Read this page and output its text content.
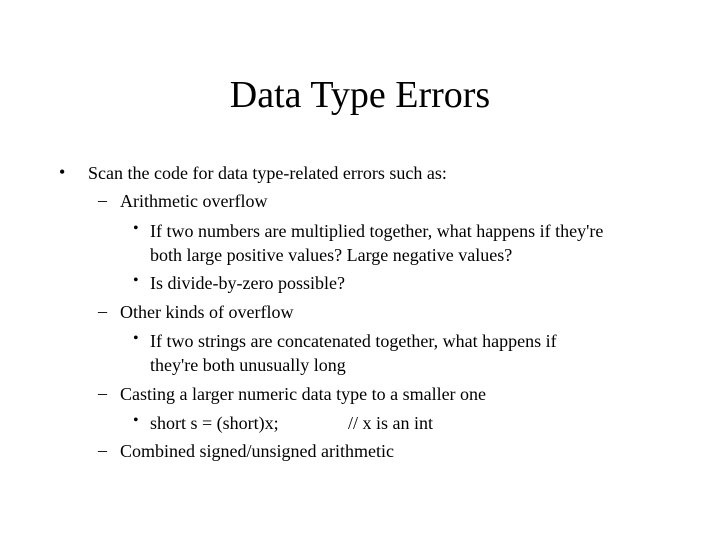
Data Type Errors
• Scan the code for data type-related errors such as:
– Arithmetic overflow
• If two numbers are multiplied together, what happens if they're
both large positive values? Large negative values?
• Is divide-by-zero possible?
– Other kinds of overflow
• If two strings are concatenated together, what happens if
they're both unusually long
– Casting a larger numeric data type to a smaller one
• short s = (short)x;	// x is an int
– Combined signed/unsigned arithmetic
